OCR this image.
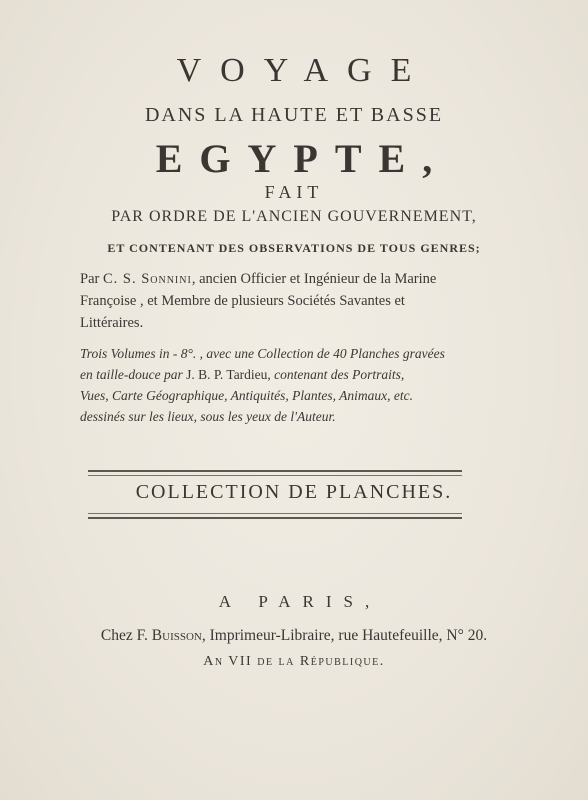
VOYAGE
DANS LA HAUTE ET BASSE
EGYPTE,
FAIT
PAR ORDRE DE L'ANCIEN GOUVERNEMENT,
ET CONTENANT DES OBSERVATIONS DE TOUS GENRES;
Par C. S. Sonnini, ancien Officier et Ingénieur de la Marine
Françoise , et Membre de plusieurs Sociétés Savantes et
Littéraires.
Trois Volumes in - 8°. , avec une Collection de 40 Planches gravées
en taille-douce par J. B. P. Tardieu, contenant des Portraits,
Vues, Carte Géographique, Antiquités, Plantes, Animaux, etc.
dessinés sur les lieux, sous les yeux de l'Auteur.
COLLECTION DE PLANCHES.
A PARIS,
Chez F. Buisson, Imprimeur-Libraire, rue Hautefeuille, N° 20.
An VII de la République.
